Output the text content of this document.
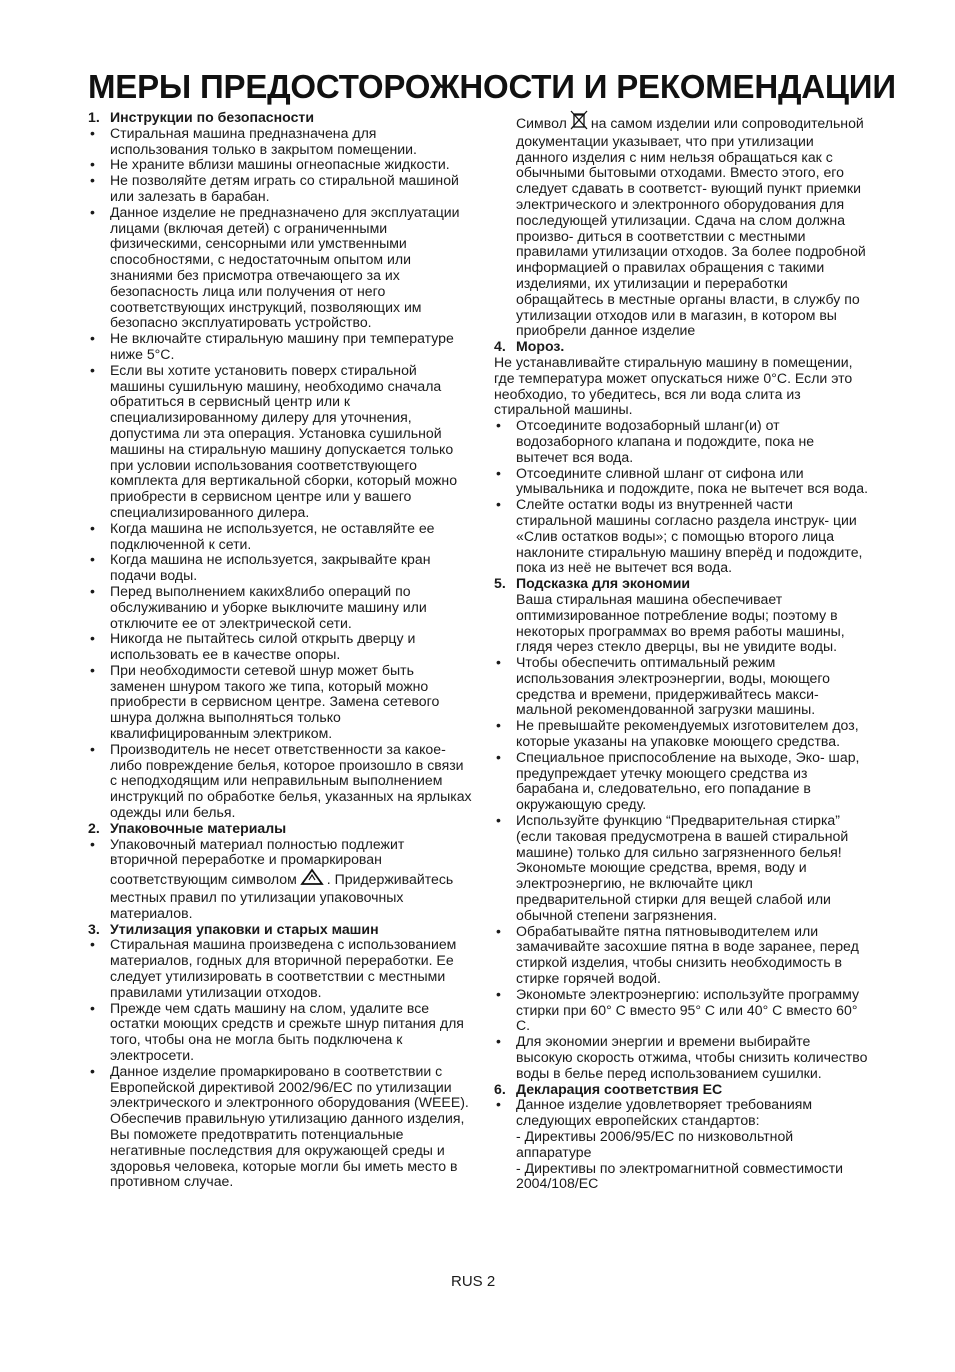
МЕРЫ ПРЕДОСТОРОЖНОСТИ И РЕКОМЕНДАЦИИ

1. Инструкции по безопасности

• Стиральная машина предназначена для использования только в закрытом помещении.
• Не храните вблизи машины огнеопасные жидкости.
• Не позволяйте детям играть со стиральной машиной или залезать в барабан.
• Данное изделие не предназначено для эксплуатации лицами (включая детей) с ограниченными физическими, сенсорными или умственными способностями, с недостаточным опытом или знаниями без присмотра отвечающего за их безопасность лица или получения от него соответствующих инструкций, позволяющих им безопасно эксплуатировать устройство.
• Не включайте стиральную машину при температуре ниже 5°С.
• Если вы хотите установить поверх стиральной машины сушильную машину, необходимо сначала обратиться в сервисный центр или к специализированному дилеру для уточнения, допустима ли эта операция. Установка сушильной машины на стиральную машину допускается только при условии использования соответствующего комплекта для вертикальной сборки, который можно приобрести в сервисном центре или у вашего специализированного дилера.
• Когда машина не используется, не оставляйте ее подключенной к сети.
• Когда машина не используется, закрывайте кран подачи воды.
• Перед выполнением каких8либо операций по обслуживанию и уборке выключите машину или отключите ее от электрической сети.
• Никогда не пытайтесь силой открыть дверцу и использовать ее в качестве опоры.
• При необходимости сетевой шнур может быть заменен шнуром такого же типа, который можно приобрести в сервисном центре. Замена сетевого шнура должна выполняться только квалифицированным электриком.
• Производитель не несет ответственности за какое-либо повреждение белья, которое произошло в связи с неподходящим или неправильным выполнением инструкций по обработке белья, указанных на ярлыках одежды или белья.

2. Упаковочные материалы

• Упаковочный материал полностью подлежит вторичной переработке и промаркирован соответствующим символом . Придерживайтесь местных правил по утилизации упаковочных материалов.

3. Утилизация упаковки и старых машин

• Стиральная машина произведена с использованием материалов, годных для вторичной переработки. Ее следует утилизировать в соответствии с местными правилами утилизации отходов.
• Прежде чем сдать машину на слом, удалите все остатки моющих средств и срежьте шнур питания для того, чтобы она не могла быть подключена к электросети.
• Данное изделие промаркировано в соответствии с Европейской директивой 2002/96/ЕС по утилизации электрического и электронного оборудования (WEEE).
Обеспечив правильную утилизацию данного изделия, Вы поможете предотвратить потенциальные негативные последствия для окружающей среды и здоровья человека, которые могли бы иметь место в противном случае.

Символ на самом изделии или сопроводительной документации указывает, что при утилизации данного изделия с ним нельзя обращаться как с обычными бытовыми отходами. Вместо этого, его следует сдавать в соответст- вующий пункт приемки электрического и электронного оборудования для последующей утилизации. Сдача на слом должна произво- диться в соответствии с местными правилами утилизации отходов. За более подробной информацией о правилах обращения с такими изделиями, их утилизации и переработки обращайтесь в местные органы власти, в службу по утилизации отходов или в магазин, в котором вы приобрели данное изделие

4. Мороз.

Не устанавливайте стиральную машину в помещении, где температура может опускаться ниже 0°С. Если это необходио, то убедитесь, вся ли вода слита из стиральной машины.

• Отсоедините водозаборный шланг(и) от водозаборного клапана и подождите, пока не вытечет вся вода.
• Отсоедините сливной шланг от сифона или умывальника и подождите, пока не вытечет вся вода.
• Слейте остатки воды из внутренней части стиральной машины согласно раздела инструк- ции «Слив остатков воды»; с помощью второго лица наклоните стиральную машину вперёд и подождите, пока из неё не вытечет вся вода.

5. Подсказка для экономии

Ваша стиральная машина обеспечивает оптимизированное потребление воды; поэтому в некоторых программах во время работы машины, глядя через стекло дверцы, вы не увидите воды.

• Чтобы обеспечить оптимальный режим использования электроэнергии, воды, моющего средства и времени, придерживайтесь макси- мальной рекомендованной загрузки машины.
• Не превышайте рекомендуемых изготовителем доз, которые указаны на упаковке моющего средства.
• Специальное приспособление на выходе, Эко- шар, предупреждает утечку моющего средства из барабана и, следовательно, его попадание в окружающую среду.
• Используйте функцию “Предварительная стирка” (если таковая предусмотрена в вашей стиральной машине) только для сильно загрязненного белья! Экономьте моющие средства, время, воду и электроэнергию, не включайте цикл предварительной стирки для вещей слабой или обычной степени загрязнения.
• Обрабатывайте пятна пятновыводителем или замачивайте засохшие пятна в воде заранее, перед стиркой изделия, чтобы снизить необходимость в стирке горячей водой.
• Экономьте электроэнергию: используйте программу стирки при 60° С вместо 95° С или 40° С вместо 60° С.
• Для экономии энергии и времени выбирайте высокую скорость отжима, чтобы снизить количество воды в белье перед использованием сушилки.

6. Декларация соответствия ЕС

• Данное изделие удовлетворяет требованиям следующих европейских стандартов:
- Директивы 2006/95/ЕС по низковольтной аппаратуре
- Директивы по электромагнитной совместимости 2004/108/ЕС
RUS 2
